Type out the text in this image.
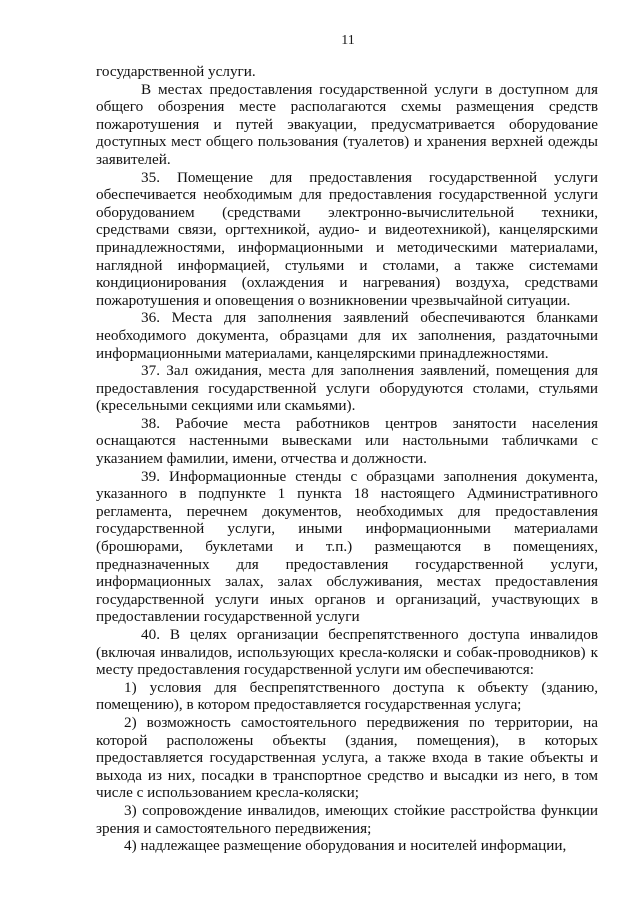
11

государственной услуги.

В местах предоставления государственной услуги в доступном для общего обозрения месте располагаются схемы размещения средств пожаротушения и путей эвакуации, предусматривается оборудование доступных мест общего пользования (туалетов) и хранения верхней одежды заявителей.

35. Помещение для предоставления государственной услуги обеспечивается необходимым для предоставления государственной услуги оборудованием (средствами электронно-вычислительной техники, средствами связи, оргтехникой, аудио- и видеотехникой), канцелярскими принадлежностями, информационными и методическими материалами, наглядной информацией, стульями и столами, а также системами кондиционирования (охлаждения и нагревания) воздуха, средствами пожаротушения и оповещения о возникновении чрезвычайной ситуации.

36. Места для заполнения заявлений обеспечиваются бланками необходимого документа, образцами для их заполнения, раздаточными информационными материалами, канцелярскими принадлежностями.

37. Зал ожидания, места для заполнения заявлений, помещения для предоставления государственной услуги оборудуются столами, стульями (кресельными секциями или скамьями).

38. Рабочие места работников центров занятости населения оснащаются настенными вывесками или настольными табличками с указанием фамилии, имени, отчества и должности.

39. Информационные стенды с образцами заполнения документа, указанного в подпункте 1 пункта 18 настоящего Административного регламента, перечнем документов, необходимых для предоставления государственной услуги, иными информационными материалами (брошюрами, буклетами и т.п.) размещаются в помещениях, предназначенных для предоставления государственной услуги, информационных залах, залах обслуживания, местах предоставления государственной услуги иных органов и организаций, участвующих в предоставлении государственной услуги

40. В целях организации беспрепятственного доступа инвалидов (включая инвалидов, использующих кресла-коляски и собак-проводников) к месту предоставления государственной услуги им обеспечиваются:

1) условия для беспрепятственного доступа к объекту (зданию, помещению), в котором предоставляется государственная услуга;

2) возможность самостоятельного передвижения по территории, на которой расположены объекты (здания, помещения), в которых предоставляется государственная услуга, а также входа в такие объекты и выхода из них, посадки в транспортное средство и высадки из него, в том числе с использованием кресла-коляски;

3) сопровождение инвалидов, имеющих стойкие расстройства функции зрения и самостоятельного передвижения;

4) надлежащее размещение оборудования и носителей информации,
